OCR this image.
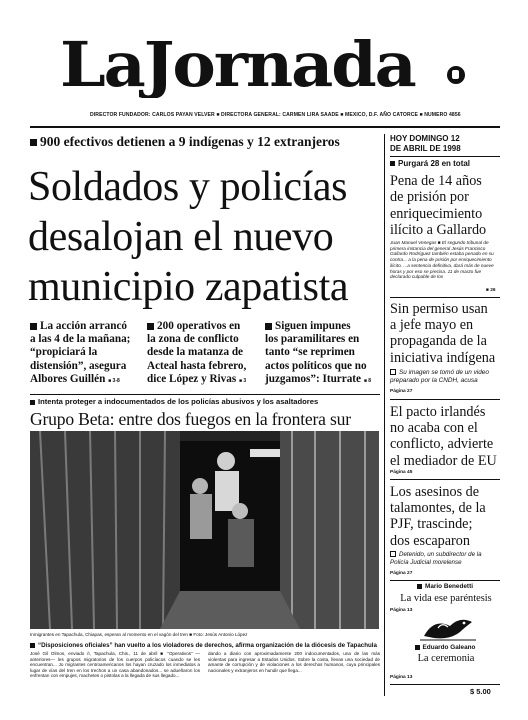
LaJornada
DIRECTOR FUNDADOR: CARLOS PAYAN VELVER ■ DIRECTORA GENERAL: CARMEN LIRA SAADE ■ MEXICO, D.F. AÑO CATORCE ■ NUMERO 4856
900 efectivos detienen a 9 indígenas y 12 extranjeros
Soldados y policías
desalojan el nuevo
municipio zapatista
La acción arrancó
a las 4 de la mañana;
“propiciará la
distensión”, asegura
Albores Guillén ■ 3-8
200 operativos en
la zona de conflicto
desde la matanza de
Acteal hasta febrero,
dice López y Rivas ■ 3
Siguen impunes
los paramilitares en
tanto “se reprimen
actos políticos que no
juzgamos”: Iturrate ■ 8
Intenta proteger a indocumentados de los policías abusivos y los asaltadores
Grupo Beta: entre dos fuegos en la frontera sur
Inmigrantes en Tapachula, Chiapas, esperan al momento en el vagón del tren ■ Foto: Jesús Antonio López
“Disposiciones oficiales” han vuelto a los violadores de derechos, afirma organización de la diócesis de Tapachula
José Gil Olmos, enviado /I, Tapachula, Chis., 11 de abril ■ “Operativos” —anteriores— les grupos migratorios de los cuerpos policíacos cuando se les encuentran... Jo migrantes centroamericanos los hayan cruzado los inmediatos a lugar de vías del tren en los trechos a un casa abandonados... se adueñaron los enfrentan con empujes, machetes o pistolas a la llegada de sus llegado...
dando a diario con aproximadamente 200 indocumentados, una de las más violentas para ingresar a Estados Unidos. Sobre la costa, llevan una sociedad de amante de corrupción y de violaciones a los derechos humanos, cuya principales nacionales y extranjeros en hundir que llega...
HOY DOMINGO 12
DE ABRIL DE 1998
Purgará 28 en total
Pena de 14 años
de prisión por
enriquecimiento
ilícito a Gallardo
Juan Manuel Venegas ■ El segundo tribunal de primera instancia del general Jesús Francisco Gallardo Rodríguez también estaba penado en su contra... a la pena de prisión por enriquecimiento ilícito. ...a sentencia definitiva, dará más de nueve horas y por eso se precisa. 11 de marzo fue declarado culpable de los
■ 26
Sin permiso usan
a jefe mayo en
propaganda de la
iniciativa indígena
Su imagen se tomó de un video
preparado por la CNDH, acusa
Página 27
El pacto irlandés
no acaba con el
conflicto, advierte
el mediador de EU
Página 45
Los asesinos de
talamontes, de la
PJF, trascinde;
dos escaparon
Detenido, un subdirector de la
Policía Judicial morelense
Página 27
Mario Benedetti
La vida ese paréntesis
Página 13
Eduardo Galeano
La ceremonia
Página 13
$ 5.00
